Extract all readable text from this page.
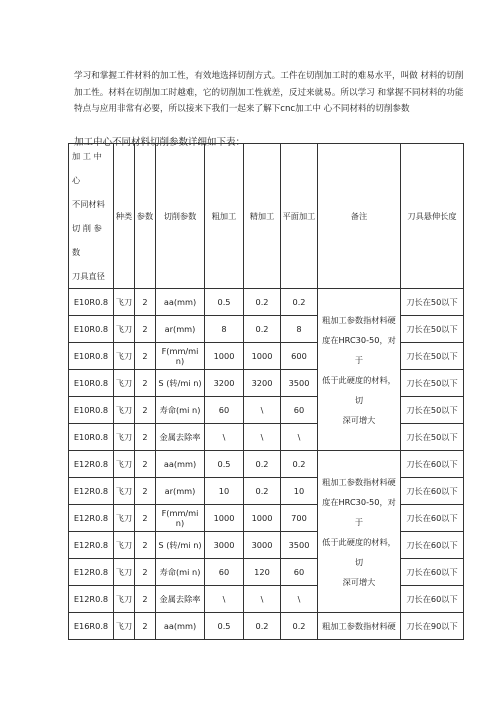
学习和掌握工件材料的加工性，有效地选择切削方式。工件在切削加工时的难易水平，叫做 材料的切削

加工性。材料在切削加工时越难，它的切削加工性就差，反过来就易。所以学习 和掌握不同材料的功能

特点与应用非常有必要，所以接来下我们一起来了解下cnc加工中 心不同材料的切削参数

加工中心不同材料切削参数详细如下表：
加 工 中 心
不同材料
切 削 参 数
刀具直径	种类	参数	切削参数	粗加工	精加工	平面加工	备注	刀具悬伸长度
E10R0.8	飞刀	2	aa(mm)	0.5	0.2	0.2	粗加工参数指材料硬
度在HRC30-50，对于
低于此硬度的材料，切
深可增大	刀长在50以下
E10R0.8	飞刀	2	ar(mm)	8	0.2	8		刀长在50以下
E10R0.8	飞刀	2	F(mm/mi n)	1000	1000	600		刀长在50以下
E10R0.8	飞刀	2	S (转/mi n)	3200	3200	3500		刀长在50以下
E10R0.8	飞刀	2	寿命(mi n)	60	\	60		刀长在50以下
E10R0.8	飞刀	2	金属去除率	\	\	\		刀长在50以下
E12R0.8	飞刀	2	aa(mm)	0.5	0.2	0.2	粗加工参数指材料硬
度在HRC30-50，对于
低于此硬度的材料，切
深可增大	刀长在60以下
E12R0.8	飞刀	2	ar(mm)	10	0.2	10		刀长在60以下
E12R0.8	飞刀	2	F(mm/mi n)	1000	1000	700		刀长在60以下
E12R0.8	飞刀	2	S (转/mi n)	3000	3000	3500		刀长在60以下
E12R0.8	飞刀	2	寿命(mi n)	60	120	60		刀长在60以下
E12R0.8	飞刀	2	金属去除率	\	\	\		刀长在60以下
E16R0.8	飞刀	2	aa(mm)	0.5	0.2	0.2	粗加工参数指材料硬	刀长在90以下
